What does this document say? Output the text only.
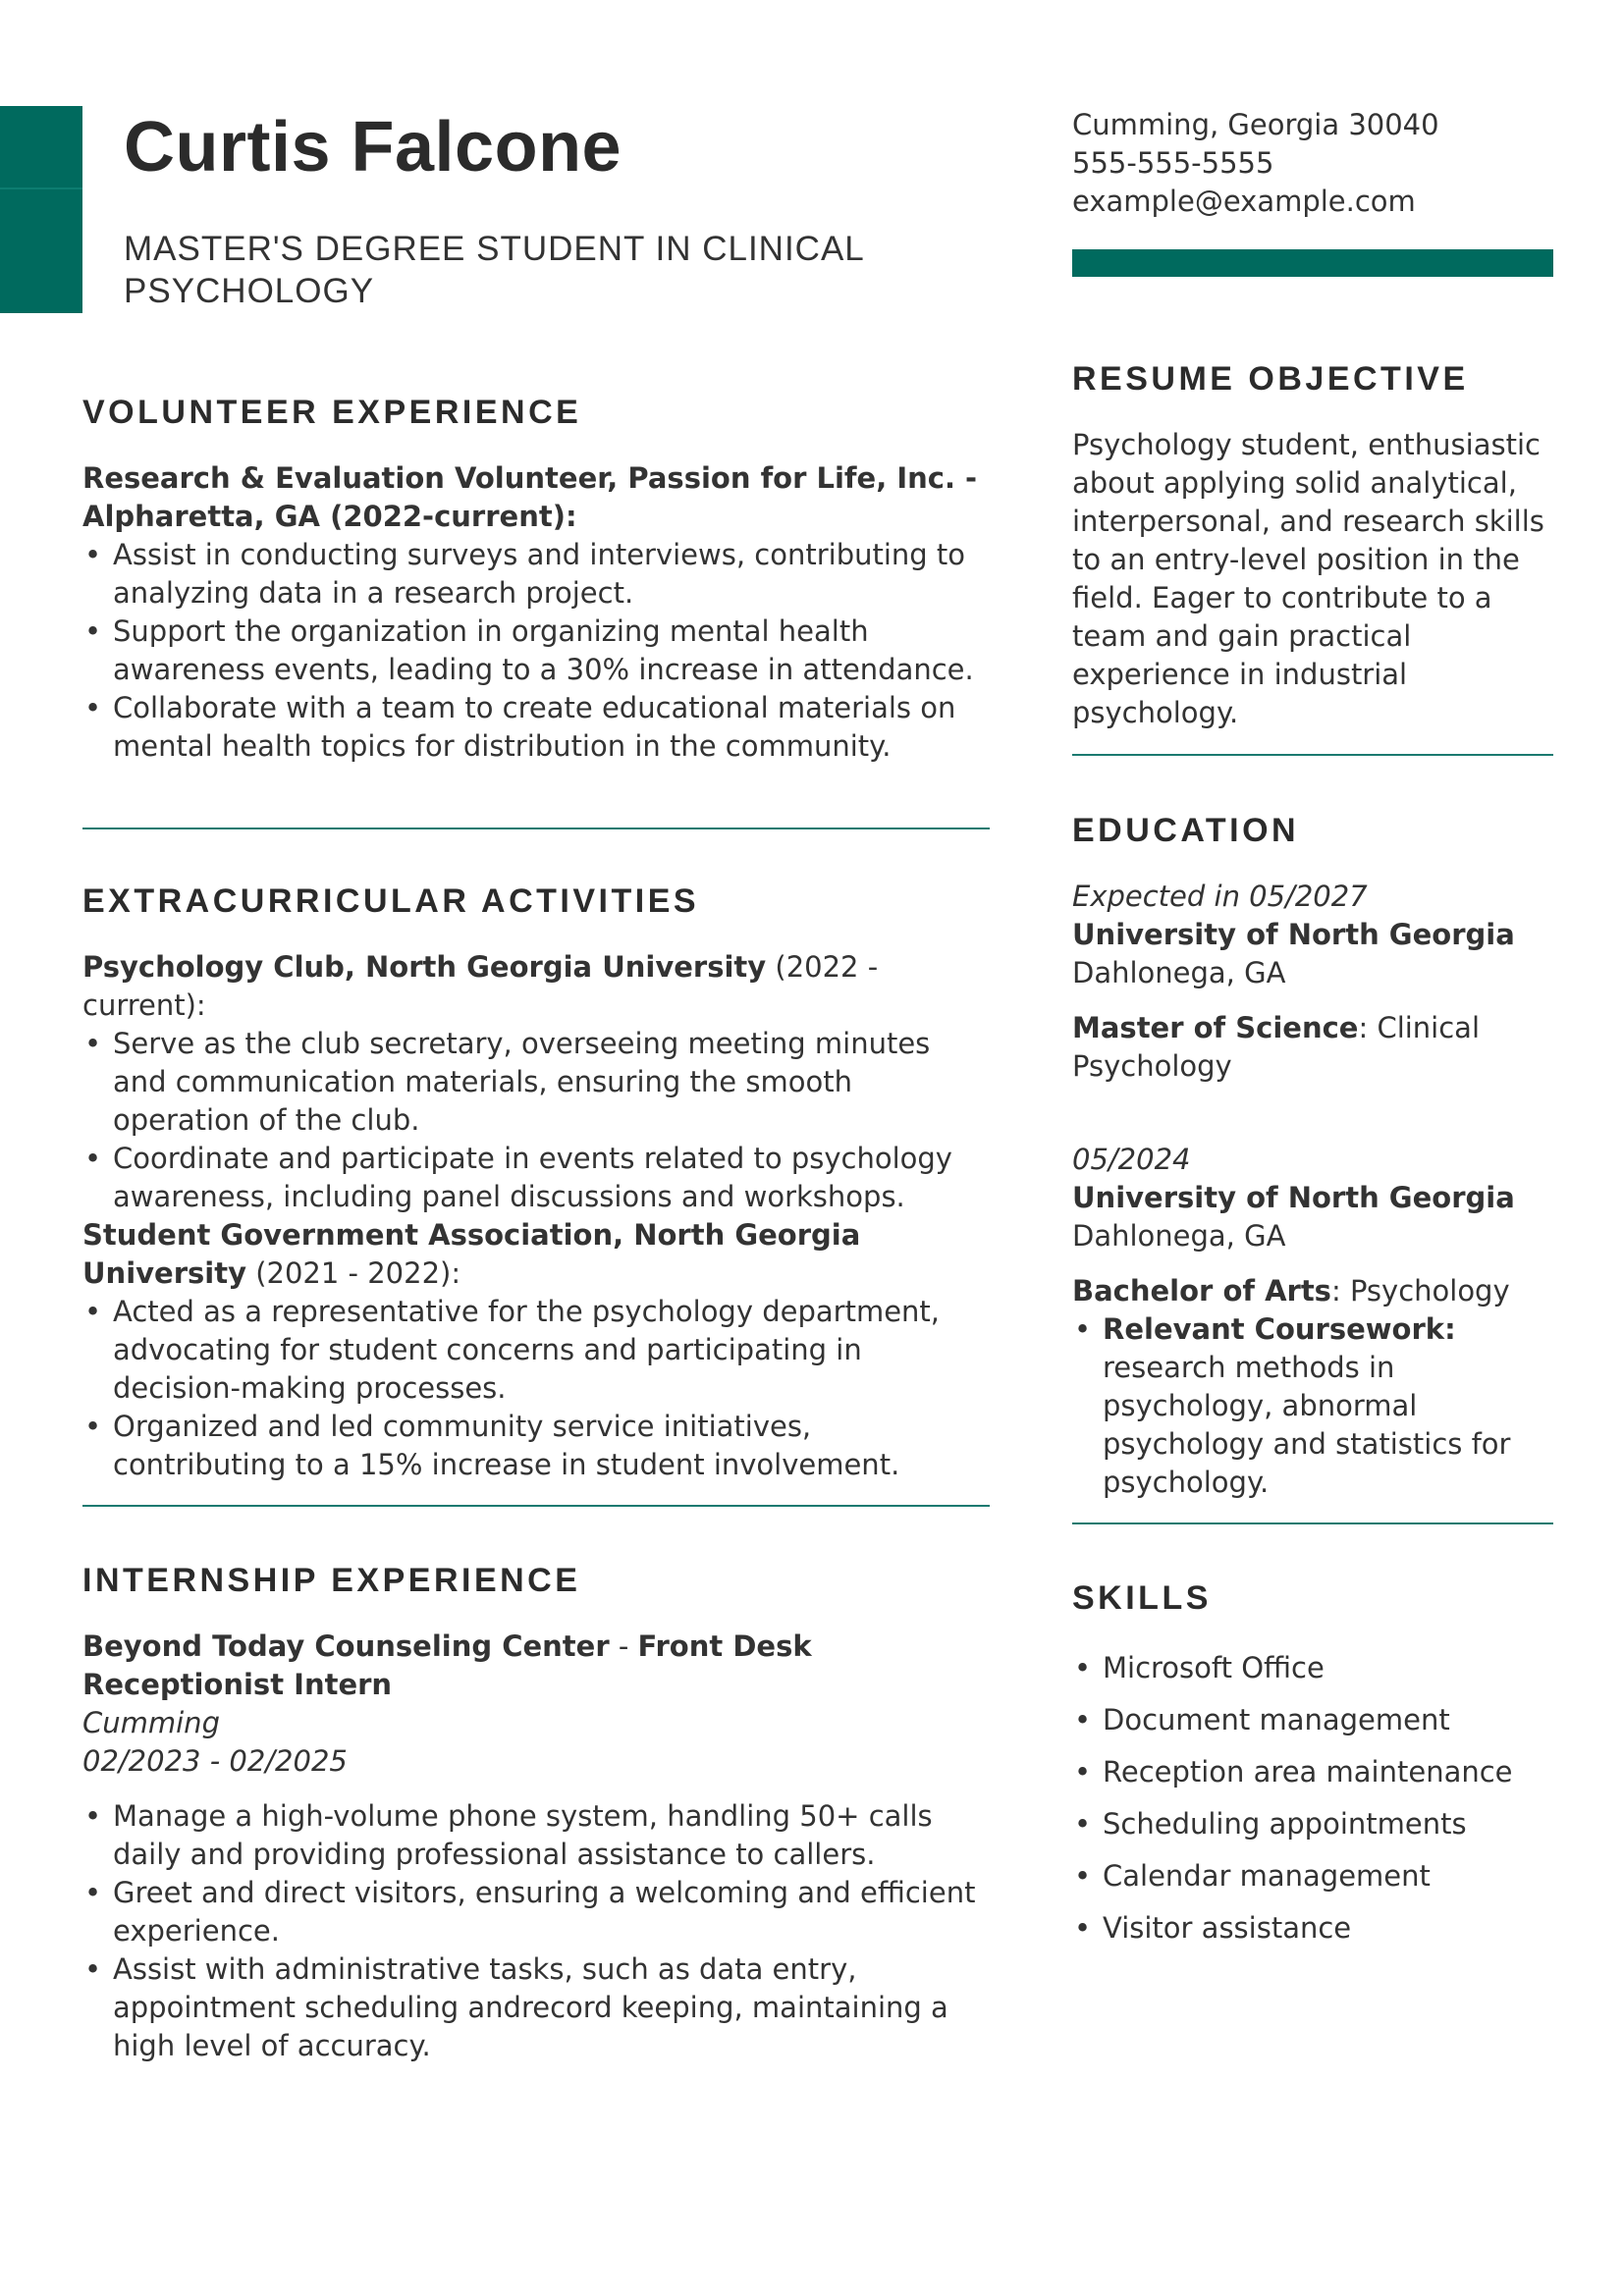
Curtis Falcone

MASTER'S DEGREE STUDENT IN CLINICAL PSYCHOLOGY

Cumming, Georgia 30040
555-555-5555
example@example.com
VOLUNTEER EXPERIENCE
Research & Evaluation Volunteer, Passion for Life, Inc. - Alpharetta, GA (2022-current):
• Assist in conducting surveys and interviews, contributing to analyzing data in a research project.
• Support the organization in organizing mental health awareness events, leading to a 30% increase in attendance.
• Collaborate with a team to create educational materials on mental health topics for distribution in the community.
EXTRACURRICULAR ACTIVITIES
Psychology Club, North Georgia University (2022 - current):
• Serve as the club secretary, overseeing meeting minutes and communication materials, ensuring the smooth operation of the club.
• Coordinate and participate in events related to psychology awareness, including panel discussions and workshops.
Student Government Association, North Georgia University (2021 - 2022):
• Acted as a representative for the psychology department, advocating for student concerns and participating in decision-making processes.
• Organized and led community service initiatives, contributing to a 15% increase in student involvement.
INTERNSHIP EXPERIENCE
Beyond Today Counseling Center - Front Desk Receptionist Intern
Cumming
02/2023 - 02/2025
• Manage a high-volume phone system, handling 50+ calls daily and providing professional assistance to callers.
• Greet and direct visitors, ensuring a welcoming and efficient experience.
• Assist with administrative tasks, such as data entry, appointment scheduling andrecord keeping, maintaining a high level of accuracy.
RESUME OBJECTIVE

Psychology student, enthusiastic about applying solid analytical, interpersonal, and research skills to an entry-level position in the field. Eager to contribute to a team and gain practical experience in industrial psychology.

EDUCATION
Expected in 05/2027
University of North Georgia
Dahlonega, GA
Master of Science: Clinical Psychology
05/2024
University of North Georgia
Dahlonega, GA
Bachelor of Arts: Psychology
• Relevant Coursework: research methods in psychology, abnormal psychology and statistics for psychology.
SKILLS
• Microsoft Office
• Document management
• Reception area maintenance
• Scheduling appointments
• Calendar management
• Visitor assistance
